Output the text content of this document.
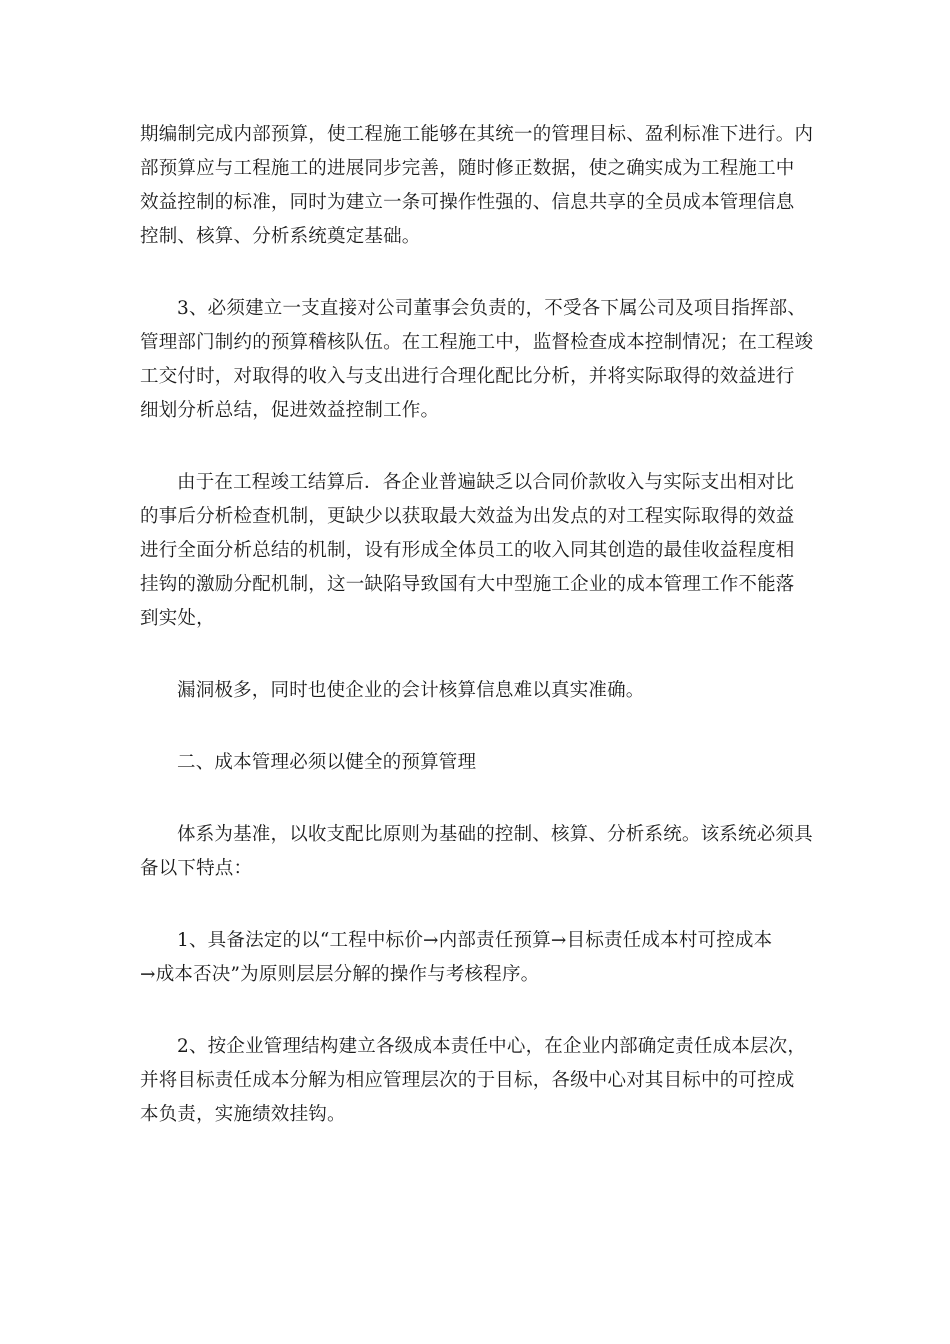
期编制完成内部预算，使工程施工能够在其统一的管理目标、盈利标准下进行。内
部预算应与工程施工的进展同步完善，随时修正数据，使之确实成为工程施工中
效益控制的标准，同时为建立一条可操作性强的、信息共享的全员成本管理信息
控制、核算、分析系统奠定基础。

3、必须建立一支直接对公司董事会负责的，不受各下属公司及项目指挥部、
管理部门制约的预算稽核队伍。在工程施工中，监督检查成本控制情况；在工程竣
工交付时，对取得的收入与支出进行合理化配比分析，并将实际取得的效益进行
细划分析总结，促进效益控制工作。

由于在工程竣工结算后．各企业普遍缺乏以合同价款收入与实际支出相对比
的事后分析检查机制，更缺少以获取最大效益为出发点的对工程实际取得的效益
进行全面分析总结的机制，设有形成全体员工的收入同其创造的最佳收益程度相
挂钩的激励分配机制，这一缺陷导致国有大中型施工企业的成本管理工作不能落
到实处，

漏洞极多，同时也使企业的会计核算信息难以真实准确。

二、成本管理必须以健全的预算管理

体系为基准，以收支配比原则为基础的控制、核算、分析系统。该系统必须具
备以下特点：

1、具备法定的以“工程中标价→内部责任预算→目标责任成本村可控成本
→成本否决”为原则层层分解的操作与考核程序。

2、按企业管理结构建立各级成本责任中心，在企业内部确定责任成本层次，
并将目标责任成本分解为相应管理层次的于目标，各级中心对其目标中的可控成
本负责，实施绩效挂钩。
